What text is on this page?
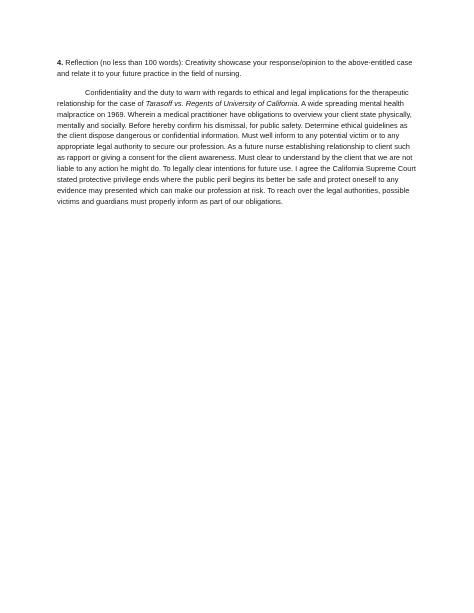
4. Reflection (no less than 100 words): Creativity showcase your response/opinion to the above-entitled case and relate it to your future practice in the field of nursing.

Confidentiality and the duty to warn with regards to ethical and legal implications for the therapeutic relationship for the case of Tarasoff vs. Regents of University of California. A wide spreading mental health malpractice on 1969. Wherein a medical practitioner have obligations to overview your client state physically, mentally and socially. Before hereby confirm his dismissal, for public safety. Determine ethical guidelines as the client dispose dangerous or confidential information. Must well inform to any potential victim or to any appropriate legal authority to secure our profession. As a future nurse establishing relationship to client such as rapport or giving a consent for the client awareness. Must clear to understand by the client that we are not liable to any action he might do. To legally clear intentions for future use. I agree the California Supreme Court stated protective privilege ends where the public peril begins its better be safe and protect oneself to any evidence may presented which can make our profession at risk. To reach over the legal authorities, possible victims and guardians must properly inform as part of our obligations.
